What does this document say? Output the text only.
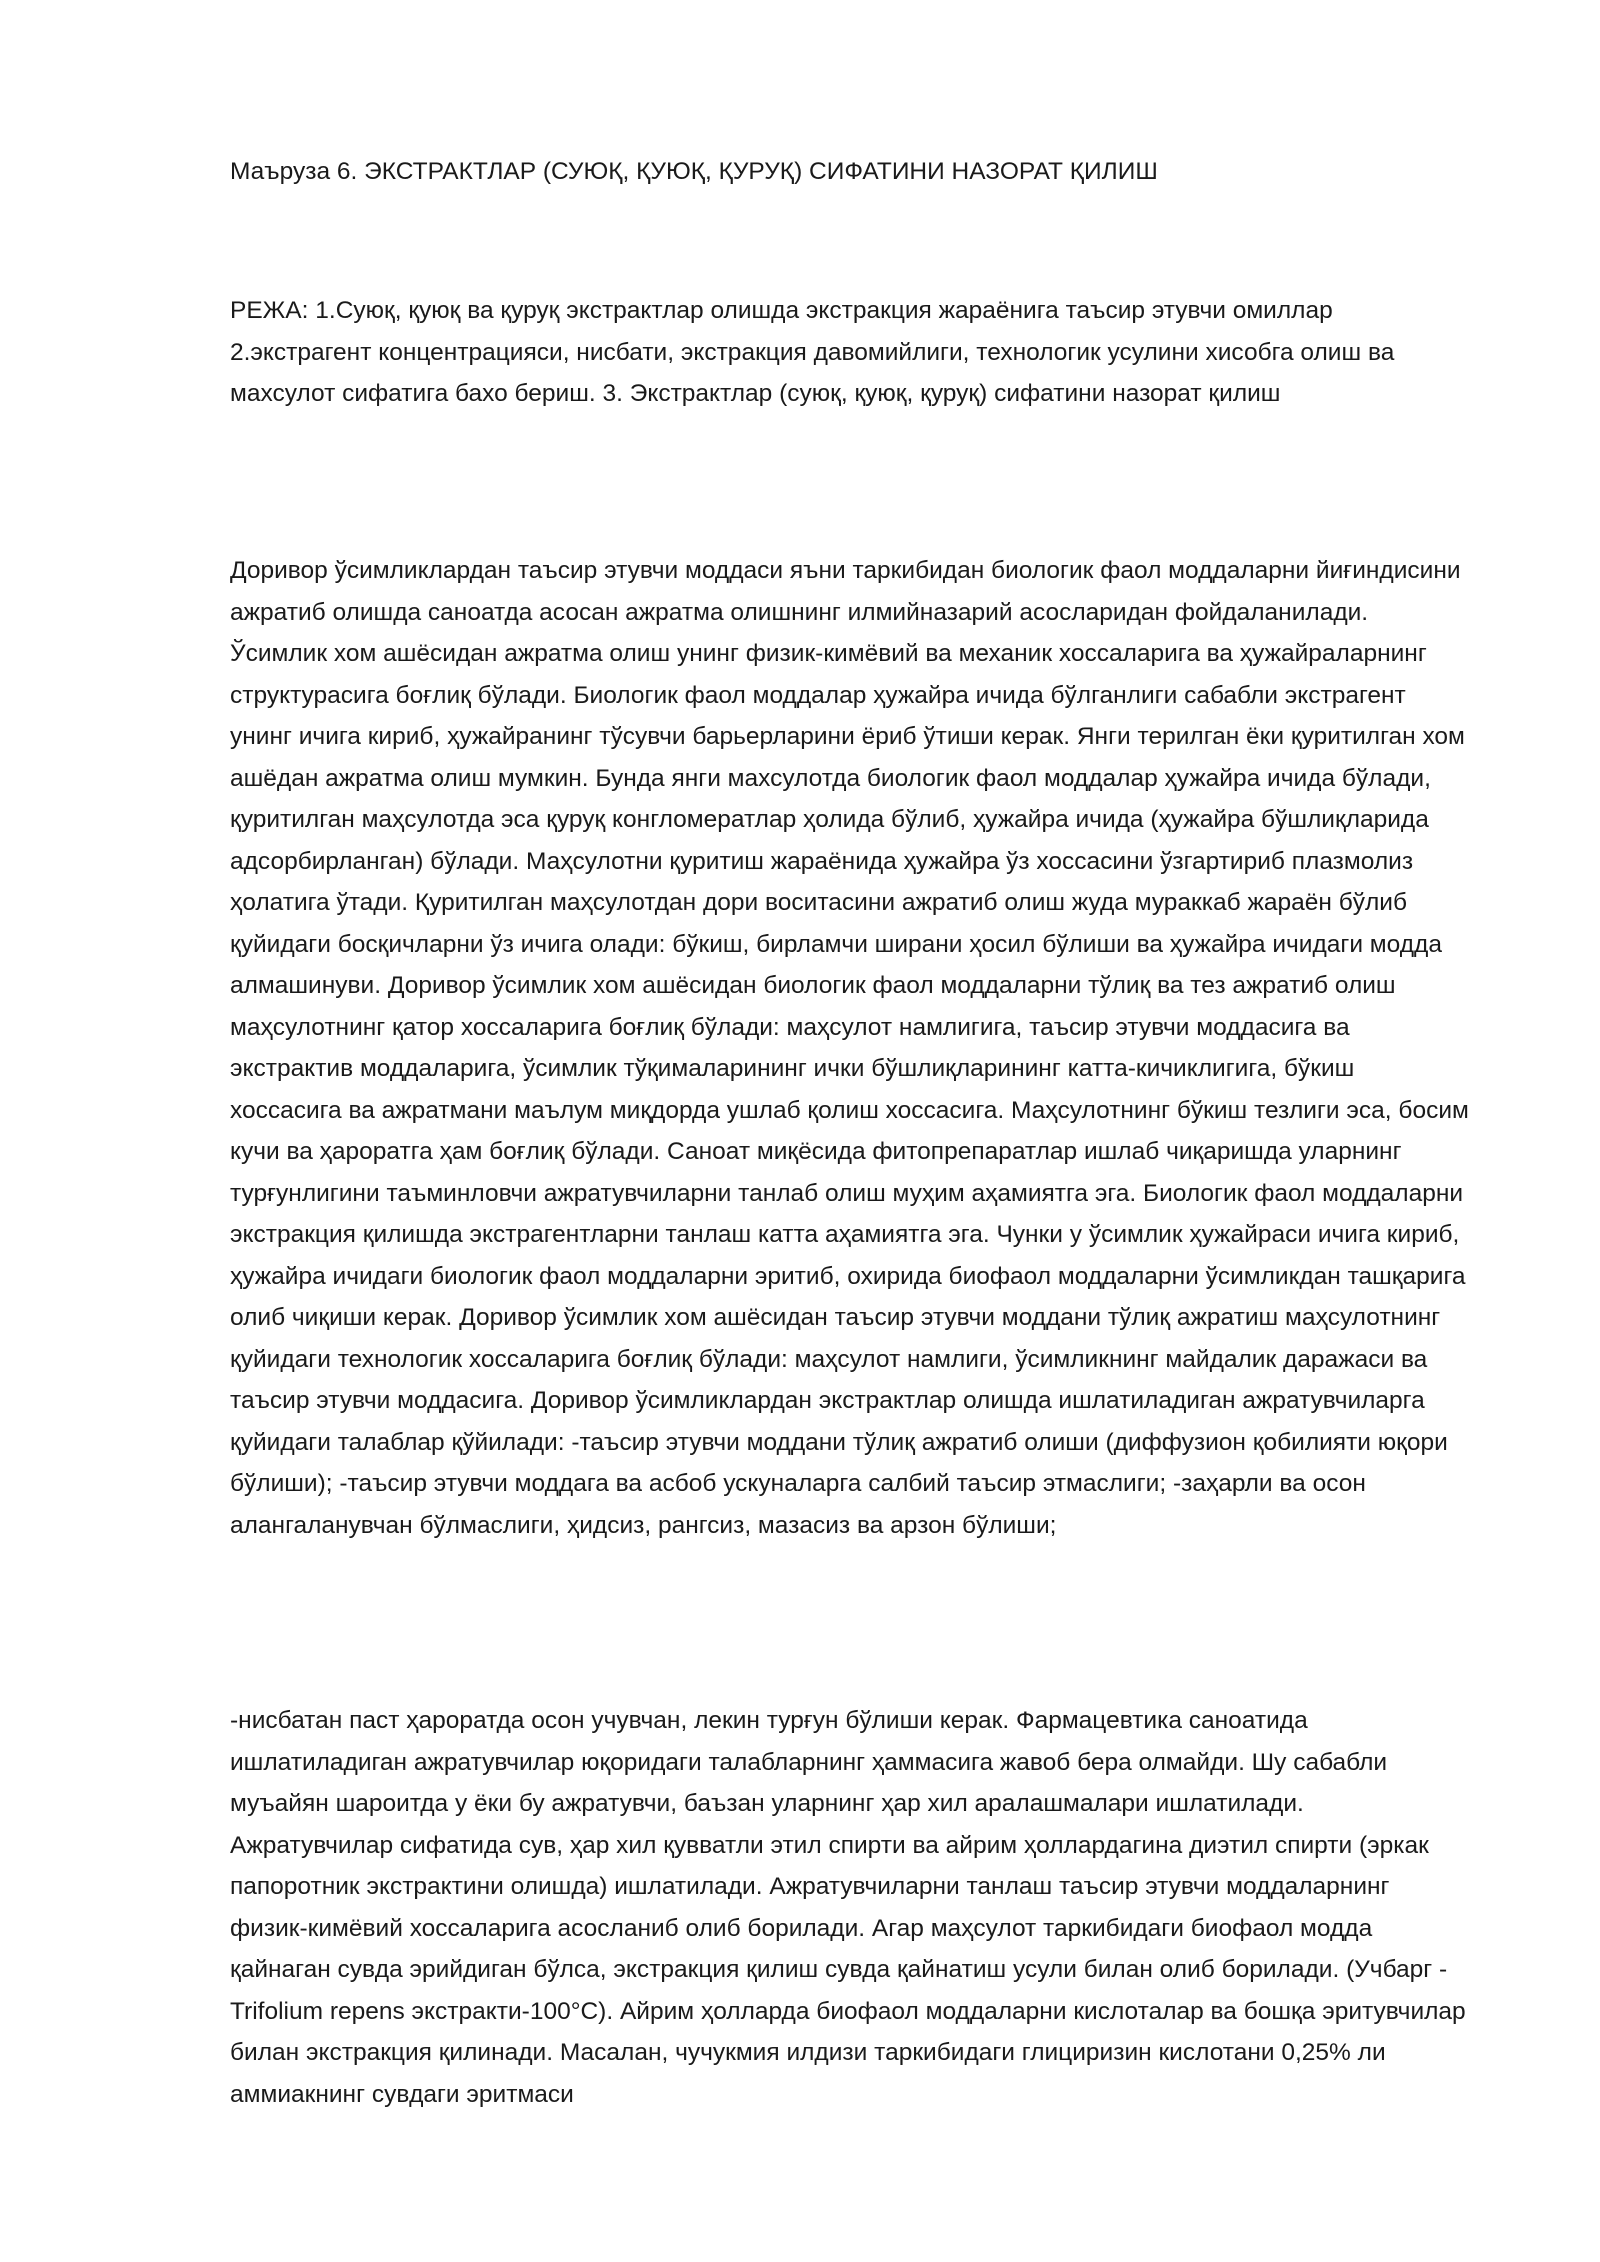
Маъруза 6. ЭКСТРАКТЛАР (СУЮҚ, ҚУЮҚ, ҚУРУҚ) СИФАТИНИ НАЗОРАТ ҚИЛИШ

РЕЖА: 1.Суюқ, қуюқ ва қуруқ экстрактлар олишда экстракция жараёнига таъсир этувчи омиллар 2.экстрагент концентрацияси, нисбати, экстракция давомийлиги, технологик усулини хисобга олиш ва махсулот сифатига бахо бериш. 3. Экстрактлар (суюқ, қуюқ, қуруқ) сифатини назорат қилиш

Доривор ўсимликлардан таъсир этувчи моддаси яъни таркибидан биологик фаол моддаларни йиғиндисини ажратиб олишда саноатда асосан ажратма олишнинг илмийназарий асосларидан фойдаланилади. Ўсимлик хом ашёсидан ажратма олиш унинг физик-кимёвий ва механик хоссаларига ва ҳужайраларнинг структурасига боғлиқ бўлади. Биологик фаол моддалар ҳужайра ичида бўлганлиги сабабли экстрагент унинг ичига кириб, ҳужайранинг тўсувчи барьерларини ёриб ўтиши керак. Янги терилган ёки қуритилган хом ашёдан ажратма олиш мумкин. Бунда янги махсулотда биологик фаол моддалар ҳужайра ичида бўлади, қуритилган маҳсулотда эса қуруқ конгломератлар ҳолида бўлиб, ҳужайра ичида (ҳужайра бўшлиқларида адсорбирланган) бўлади. Маҳсулотни қуритиш жараёнида ҳужайра ўз хоссасини ўзгартириб плазмолиз ҳолатига ўтади. Қуритилган маҳсулотдан дори воситасини ажратиб олиш жуда мураккаб жараён бўлиб қуйидаги босқичларни ўз ичига олади: бўкиш, бирламчи ширани ҳосил бўлиши ва ҳужайра ичидаги модда алмашинуви. Доривор ўсимлик хом ашёсидан биологик фаол моддаларни тўлиқ ва тез ажратиб олиш маҳсулотнинг қатор хоссаларига боғлиқ бўлади: маҳсулот намлигига, таъсир этувчи моддасига ва экстрактив моддаларига, ўсимлик тўқималарининг ички бўшлиқларининг катта-кичиклигига, бўкиш хоссасига ва ажратмани маълум миқдорда ушлаб қолиш хоссасига. Маҳсулотнинг бўкиш тезлиги эса, босим кучи ва ҳароратга ҳам боғлиқ бўлади. Саноат миқёсида фитопрепаратлар ишлаб чиқаришда уларнинг турғунлигини таъминловчи ажратувчиларни танлаб олиш муҳим аҳамиятга эга. Биологик фаол моддаларни экстракция қилишда экстрагентларни танлаш катта аҳамиятга эга. Чунки у ўсимлик ҳужайраси ичига кириб, ҳужайра ичидаги биологик фаол моддаларни эритиб, охирида биофаол моддаларни ўсимликдан ташқарига олиб чиқиши керак. Доривор ўсимлик хом ашёсидан таъсир этувчи моддани тўлиқ ажратиш маҳсулотнинг қуйидаги технологик хоссаларига боғлиқ бўлади: маҳсулот намлиги, ўсимликнинг майдалик даражаси ва таъсир этувчи моддасига. Доривор ўсимликлардан экстрактлар олишда ишлатиладиган ажратувчиларга қуйидаги талаблар қўйилади: -таъсир этувчи моддани тўлиқ ажратиб олиши (диффузион қобилияти юқори бўлиши); -таъсир этувчи моддага ва асбоб ускуналарга салбий таъсир этмаслиги; -заҳарли ва осон алангаланувчан бўлмаслиги, ҳидсиз, рангсиз, мазасиз ва арзон бўлиши;

-нисбатан паст ҳароратда осон учувчан, лекин турғун бўлиши керак. Фармацевтика саноатида ишлатиладиган ажратувчилар юқоридаги талабларнинг ҳаммасига жавоб бера олмайди. Шу сабабли муъайян шароитда у ёки бу ажратувчи, баъзан уларнинг ҳар хил аралашмалари ишлатилади. Ажратувчилар сифатида сув, ҳар хил қувватли этил спирти ва айрим ҳоллардагина диэтил спирти (эркак папоротник экстрактини олишда) ишлатилади. Ажратувчиларни танлаш таъсир этувчи моддаларнинг физик-кимёвий хоссаларига асосланиб олиб борилади. Агар маҳсулот таркибидаги биофаол модда қайнаган сувда эрийдиган бўлса, экстракция қилиш сувда қайнатиш усули билан олиб борилади. (Учбарг -Trifolium repens экстракти-100°C). Айрим ҳолларда биофаол моддаларни кислоталар ва бошқа эритувчилар билан экстракция қилинади. Масалан, чучукмия илдизи таркибидаги глициризин кислотани 0,25% ли аммиакнинг сувдаги эритмаси
